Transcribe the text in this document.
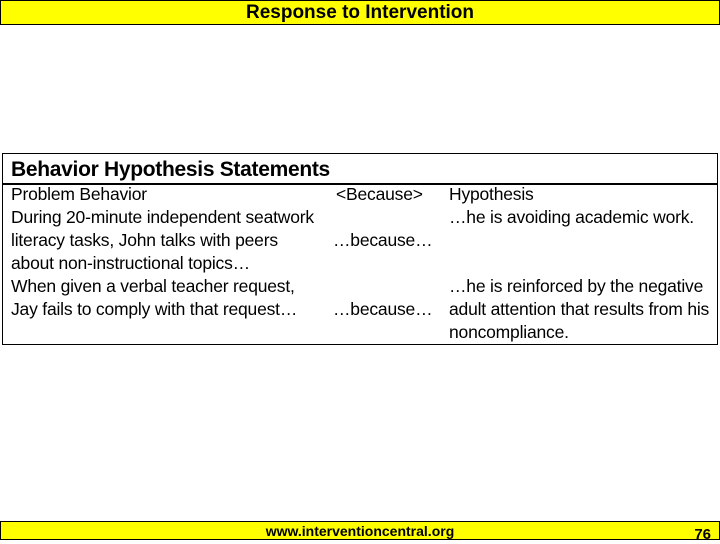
Response to Intervention
Behavior Hypothesis Statements
Problem Behavior	<Because> Hypothesis
During 20-minute independent seatwork
literacy tasks, John talks with peers
about non-instructional topics…
…because…
…he is avoiding academic work.
When given a verbal teacher request,
Jay fails to comply with that request… …because…
…he is reinforced by the negative
adult attention that results from his
noncompliance.
www.interventioncentral.org	76
